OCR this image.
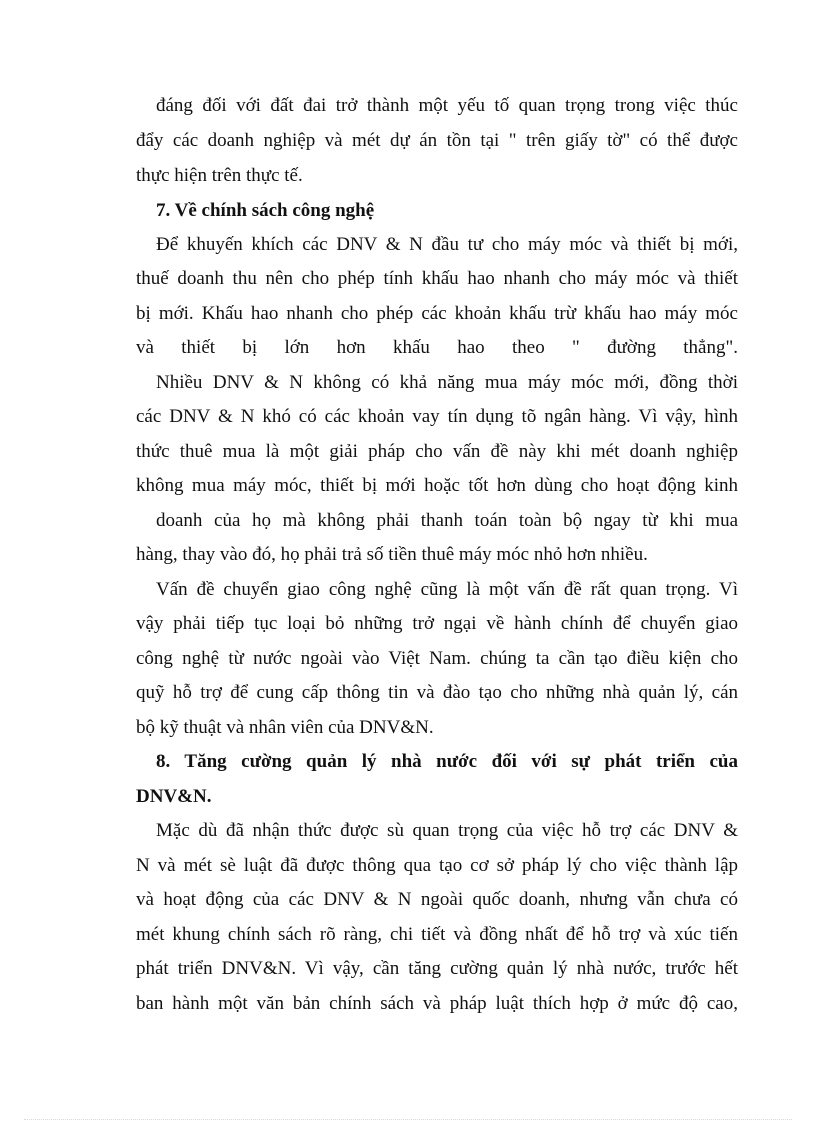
đáng đối với đất đai trở thành một yếu tố quan trọng trong việc thúc
đẩy các doanh nghiệp và mét dự án tồn tại " trên giấy tờ" có thể được
thực hiện trên thực tế.
7. Về chính sách công nghệ
Để khuyến khích các DNV & N đầu tư cho máy móc và thiết bị mới,
thuế doanh thu nên cho phép tính khấu hao nhanh cho máy móc và thiết
bị mới. Khấu hao nhanh cho phép các khoản khấu trừ khấu hao máy móc
và thiết bị lớn hơn khấu hao theo " đường thẳng".
Nhiều DNV & N không có khả năng mua máy móc mới, đồng thời
các DNV & N khó có các khoản vay tín dụng tõ ngân hàng. Vì vậy, hình
thức thuê mua là một giải pháp cho vấn đề này khi mét doanh nghiệp
không mua máy móc, thiết bị mới hoặc tốt hơn dùng cho hoạt động kinh
doanh của họ mà không phải thanh toán toàn bộ ngay từ khi mua
hàng, thay vào đó, họ phải trả số tiền thuê máy móc nhỏ hơn nhiều.
Vấn đề chuyển giao công nghệ cũng là một vấn đề rất quan trọng. Vì
vậy phải tiếp tục loại bỏ những trở ngại về hành chính để chuyển giao
công nghệ từ nước ngoài vào Việt Nam. chúng ta cần tạo điều kiện cho
quỹ hỗ trợ để cung cấp thông tin và đào tạo cho những nhà quản lý, cán
bộ kỹ thuật và nhân viên của DNV&N.
8. Tăng cường quản lý nhà nước đối với sự phát triển của
DNV&N.
Mặc dù đã nhận thức được sù quan trọng của việc hỗ trợ các DNV &
N và mét sè luật đã được thông qua tạo cơ sở pháp lý cho việc thành lập
và hoạt động của các DNV & N ngoài quốc doanh, nhưng vẫn chưa có
mét khung chính sách rõ ràng, chi tiết và đồng nhất để hỗ trợ và xúc tiến
phát triển DNV&N. Vì vậy, cần tăng cường quản lý nhà nước, trước hết
ban hành một văn bản chính sách và pháp luật thích hợp ở mức độ cao,
